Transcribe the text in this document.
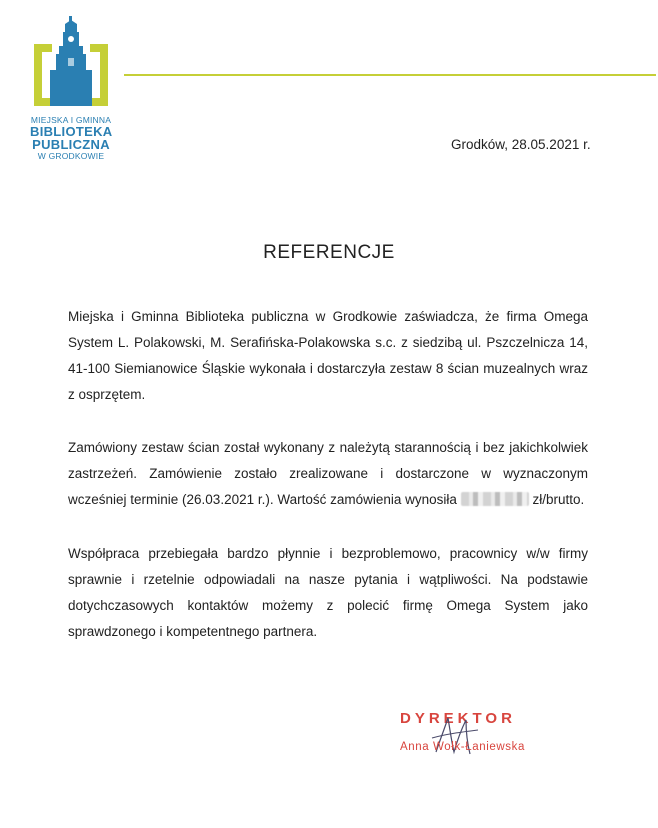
MIEJSKA I GMINNA
BIBLIOTEKA
PUBLICZNA
W GRODKOWIE
Grodków, 28.05.2021 r.
REFERENCJE

Miejska i Gminna Biblioteka publiczna w Grodkowie zaświadcza, że firma Omega System L. Polakowski, M. Serafińska-Polakowska s.c. z siedzibą ul. Pszczelnicza 14, 41-100 Siemianowice Śląskie wykonała i dostarczyła zestaw 8 ścian muzealnych wraz z osprzętem.

Zamówiony zestaw ścian został wykonany z należytą starannością i bez jakichkolwiek zastrzeżeń. Zamówienie zostało zrealizowane i dostarczone w wyznaczonym wcześniej terminie (26.03.2021 r.). Wartość zamówienia wynosiła	zł/brutto.

Współpraca przebiegała bardzo płynnie i bezproblemowo, pracownicy w/w firmy sprawnie i rzetelnie odpowiadali na nasze pytania i wątpliwości. Na podstawie dotychczasowych kontaktów możemy z polecić firmę Omega System jako sprawdzonego i kompetentnego partnera.

DYREKTOR
Anna Wołk-Łaniewska
